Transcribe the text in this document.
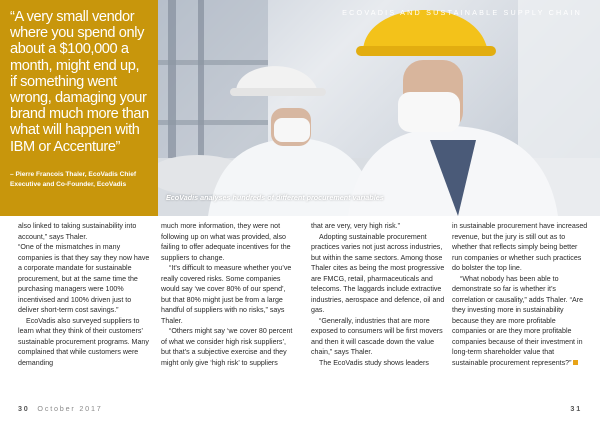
“A very small vendor where you spend only about a $100,000 a month, might end up, if something went wrong, damaging your brand much more than what will happen with IBM or Accenture”

– Pierre Francois Thaler, EcoVadis Chief Executive and Co-Founder, EcoVadis
ECOVADIS AND SUSTAINABLE SUPPLY CHAIN
EcoVadis analyses hundreds of different procurement variables

also linked to taking sustainability into account,” says Thaler.

“One of the mismatches in many companies is that they say they now have a corporate mandate for sustainable procurement, but at the same time the purchasing managers were 100% incentivised and 100% driven just to deliver short-term cost savings.”

EcoVadis also surveyed suppliers to learn what they think of their customers’ sustainable procurement programs. Many complained that while customers were demanding

much more information, they were not following up on what was provided, also failing to offer adequate incentives for the suppliers to change.

“It’s difficult to measure whether you’ve really covered risks. Some companies would say ‘we cover 80% of our spend’, but that 80% might just be from a large handful of suppliers with no risks,” says Thaler.

“Others might say ‘we cover 80 percent of what we consider high risk suppliers’, but that’s a subjective exercise and they might only give ‘high risk’ to suppliers

that are very, very high risk.”

Adopting sustainable procurement practices varies not just across industries, but within the same sectors. Among those Thaler cites as being the most progressive are FMCG, retail, pharmaceuticals and telecoms. The laggards include extractive industries, aerospace and defence, oil and gas.

“Generally, industries that are more exposed to consumers will be first movers and then it will cascade down the value chain,” says Thaler.

The EcoVadis study shows leaders

in sustainable procurement have increased revenue, but the jury is still out as to whether that reflects simply being better run companies or whether such practices do bolster the top line.

“What nobody has been able to demonstrate so far is whether it’s correlation or causality,” adds Thaler. “Are they investing more in sustainability because they are more profitable companies or are they more profitable companies because of their investment in long-term shareholder value that sustainable procurement represents?”

30 October 2017	31
